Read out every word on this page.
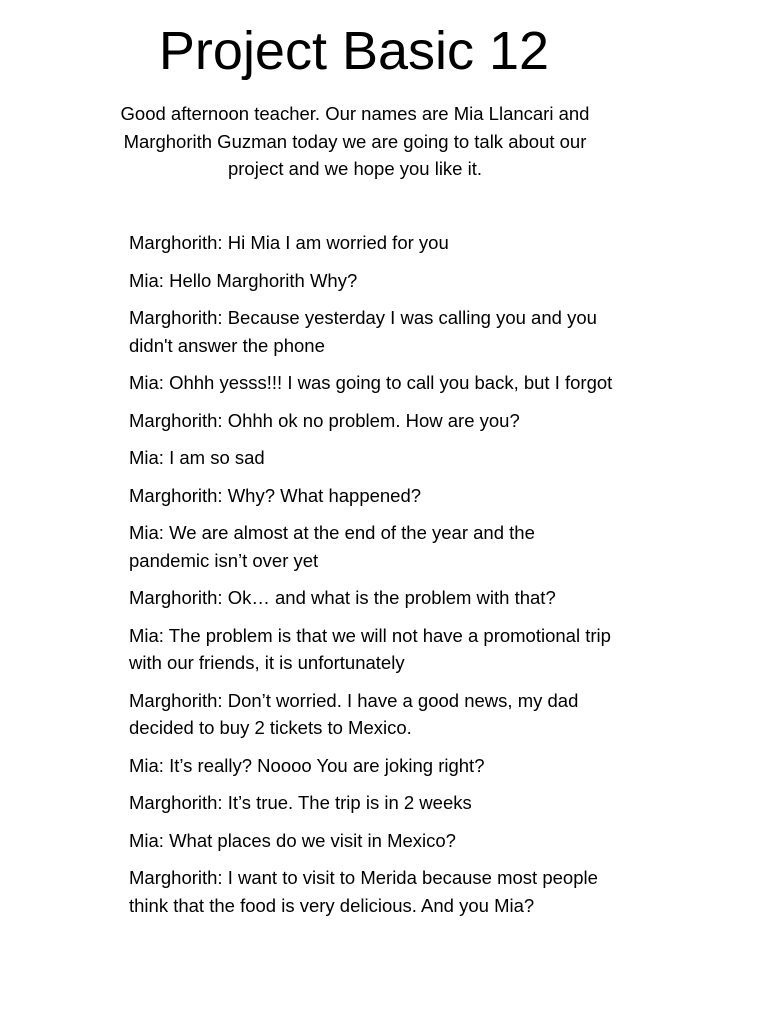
Project Basic 12

Good afternoon teacher. Our names are Mia Llancari and Marghorith Guzman today we are going to talk about our project and we hope you like it.

Marghorith: Hi Mia I am worried for you

Mia: Hello Marghorith Why?

Marghorith: Because yesterday I was calling you and you didn't answer the phone

Mia: Ohhh yesss!!! I was going to call you back, but I forgot

Marghorith: Ohhh ok no problem. How are you?

Mia: I am so sad

Marghorith: Why? What happened?

Mia: We are almost at the end of the year and the pandemic isn’t over yet

Marghorith: Ok… and what is the problem with that?

Mia: The problem is that we will not have a promotional trip with our friends, it is unfortunately

Marghorith: Don’t worried. I have a good news, my dad decided to buy 2 tickets to Mexico.

Mia: It’s really? Noooo You are joking right?

Marghorith: It’s true. The trip is in 2 weeks

Mia: What places do we visit in Mexico?

Marghorith: I want to visit to Merida because most people think that the food is very delicious. And you Mia?
